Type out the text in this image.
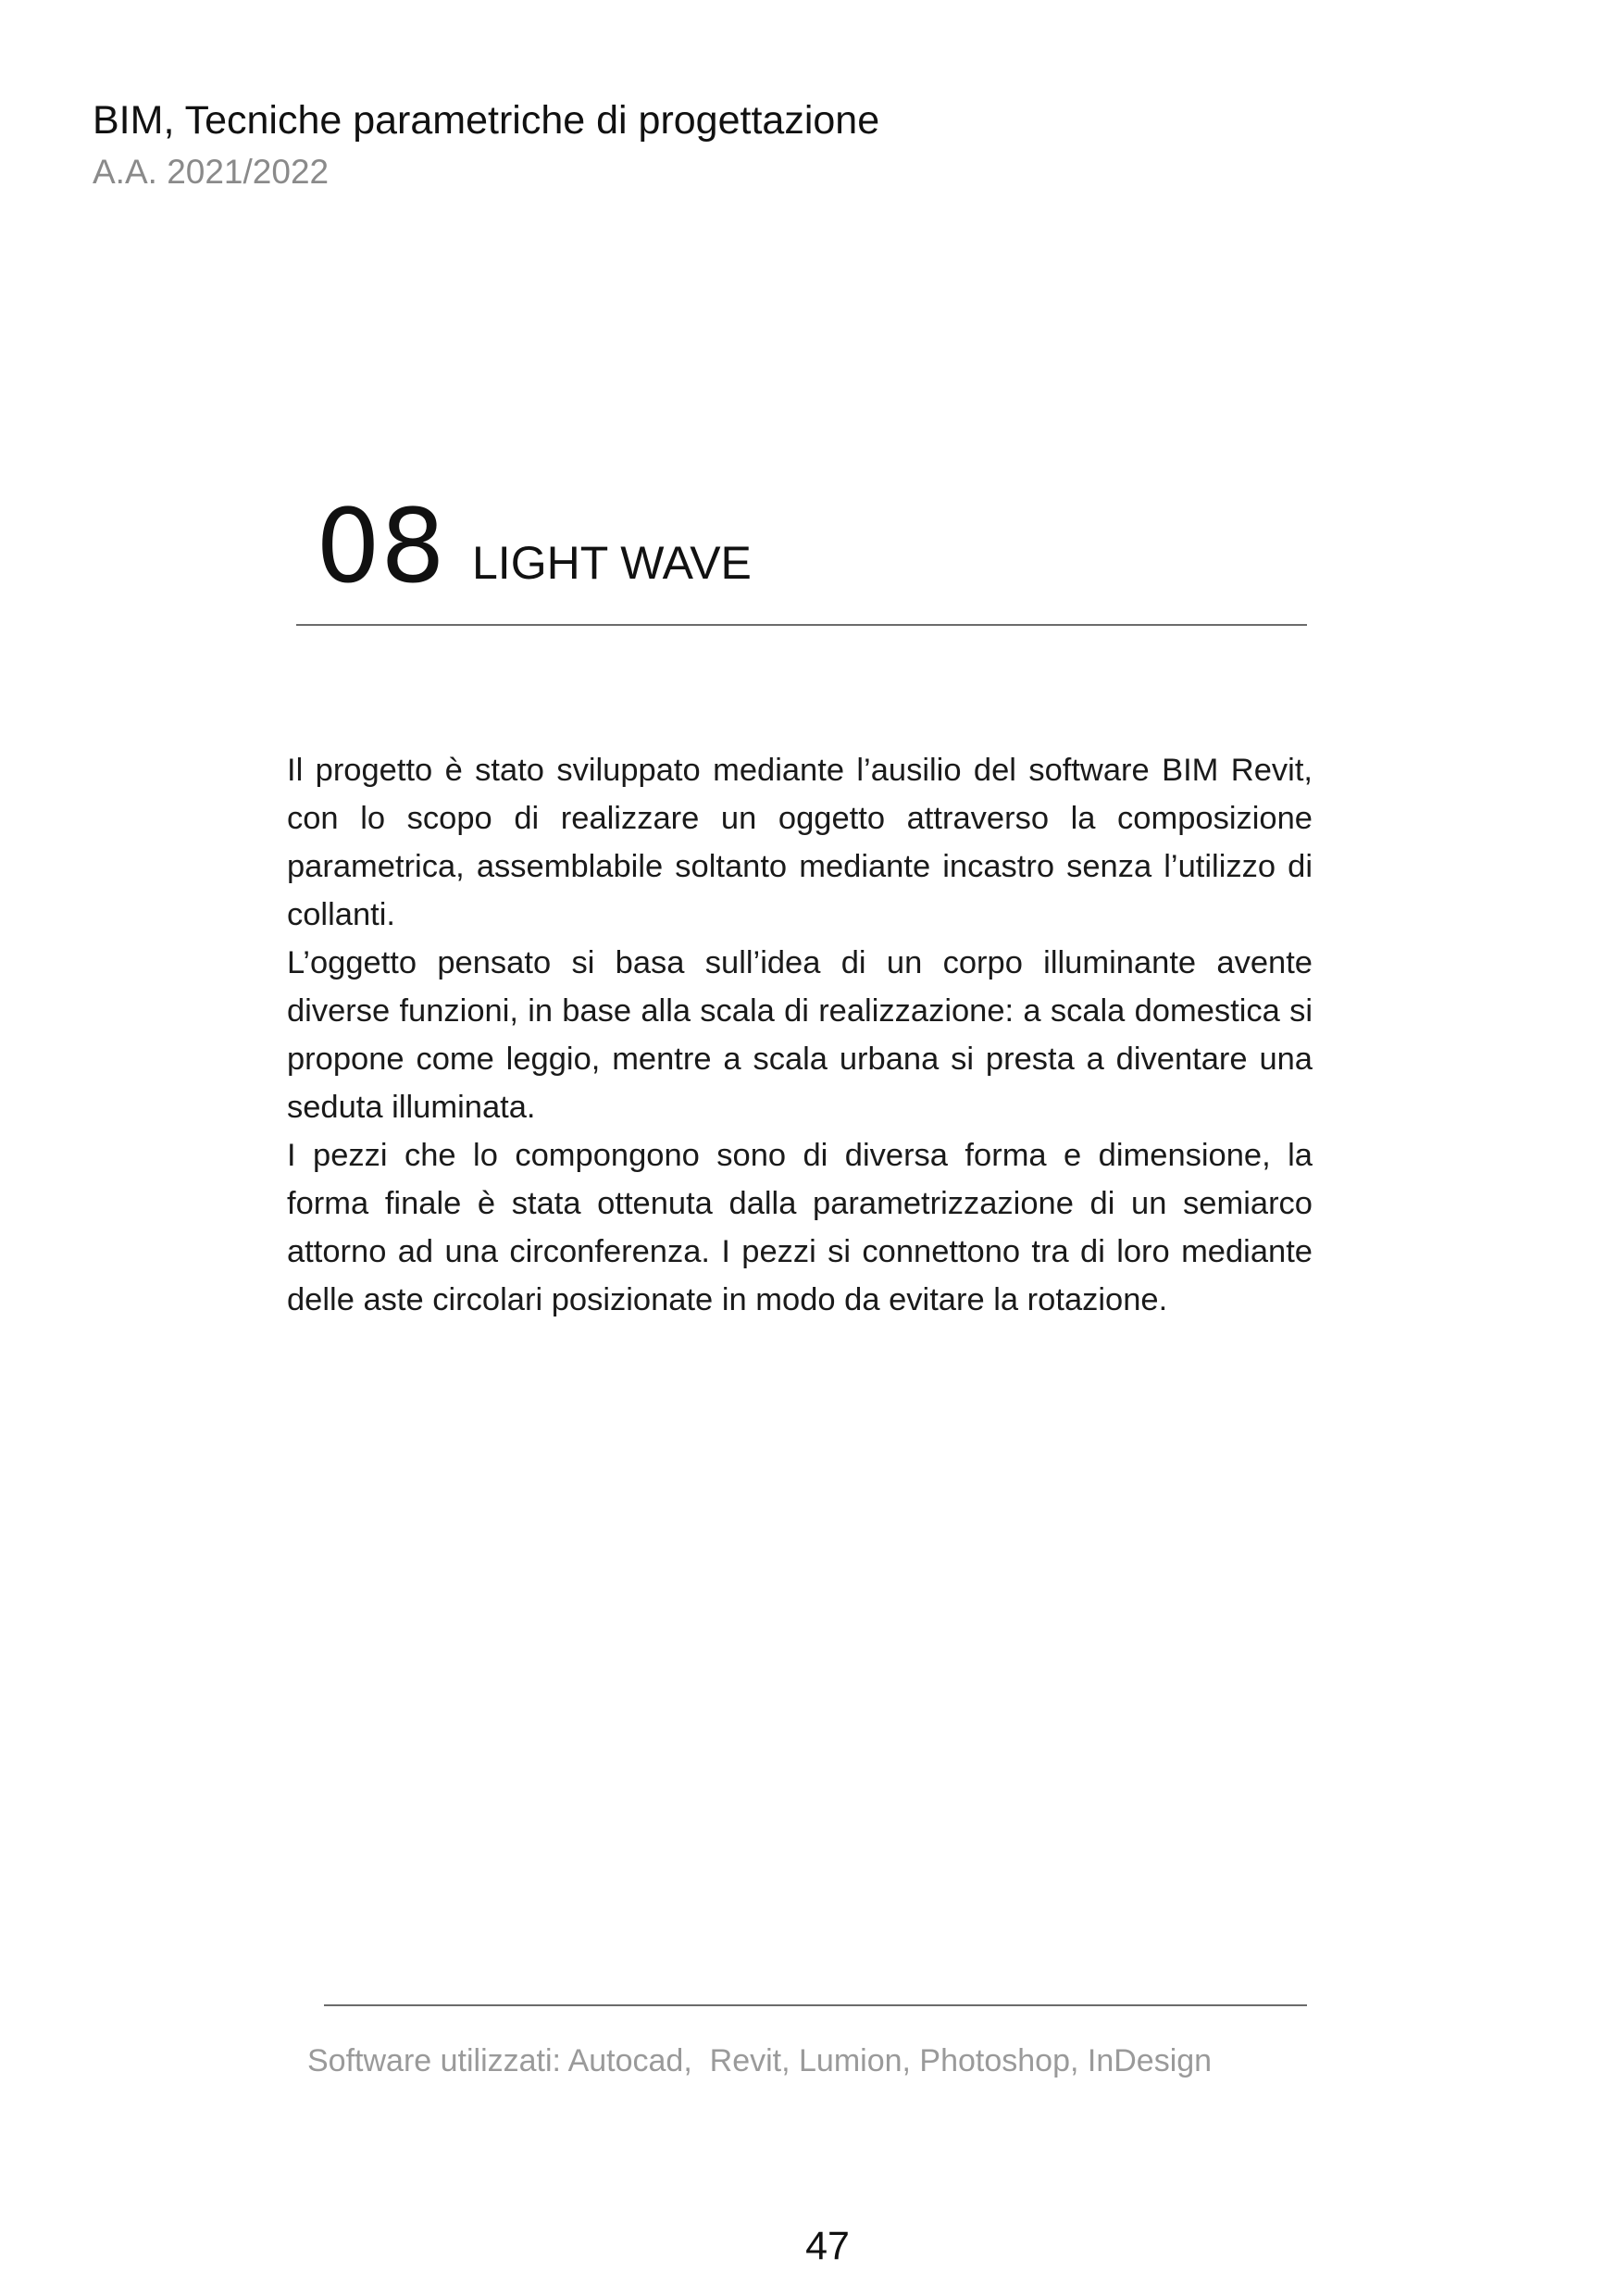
BIM, Tecniche parametriche di progettazione
A.A. 2021/2022
08 LIGHT WAVE

Il progetto è stato sviluppato mediante l’ausilio del software BIM Revit, con lo scopo di realizzare un oggetto attraverso la composizione parametrica, assemblabile soltanto mediante incastro senza l’utilizzo di collanti.

L’oggetto pensato si basa sull’idea di un corpo illuminante avente diverse funzioni, in base alla scala di realizzazione: a scala domestica si propone come leggio, mentre a scala urbana si presta a diventare una seduta illuminata.

I pezzi che lo compongono sono di diversa forma e dimensione, la forma finale è stata ottenuta dalla parametrizzazione di un semiarco attorno ad una circonferenza. I pezzi si connettono tra di loro mediante delle aste circolari posizionate in modo da evitare la rotazione.

Software utilizzati: Autocad,  Revit, Lumion, Photoshop, InDesign
47
